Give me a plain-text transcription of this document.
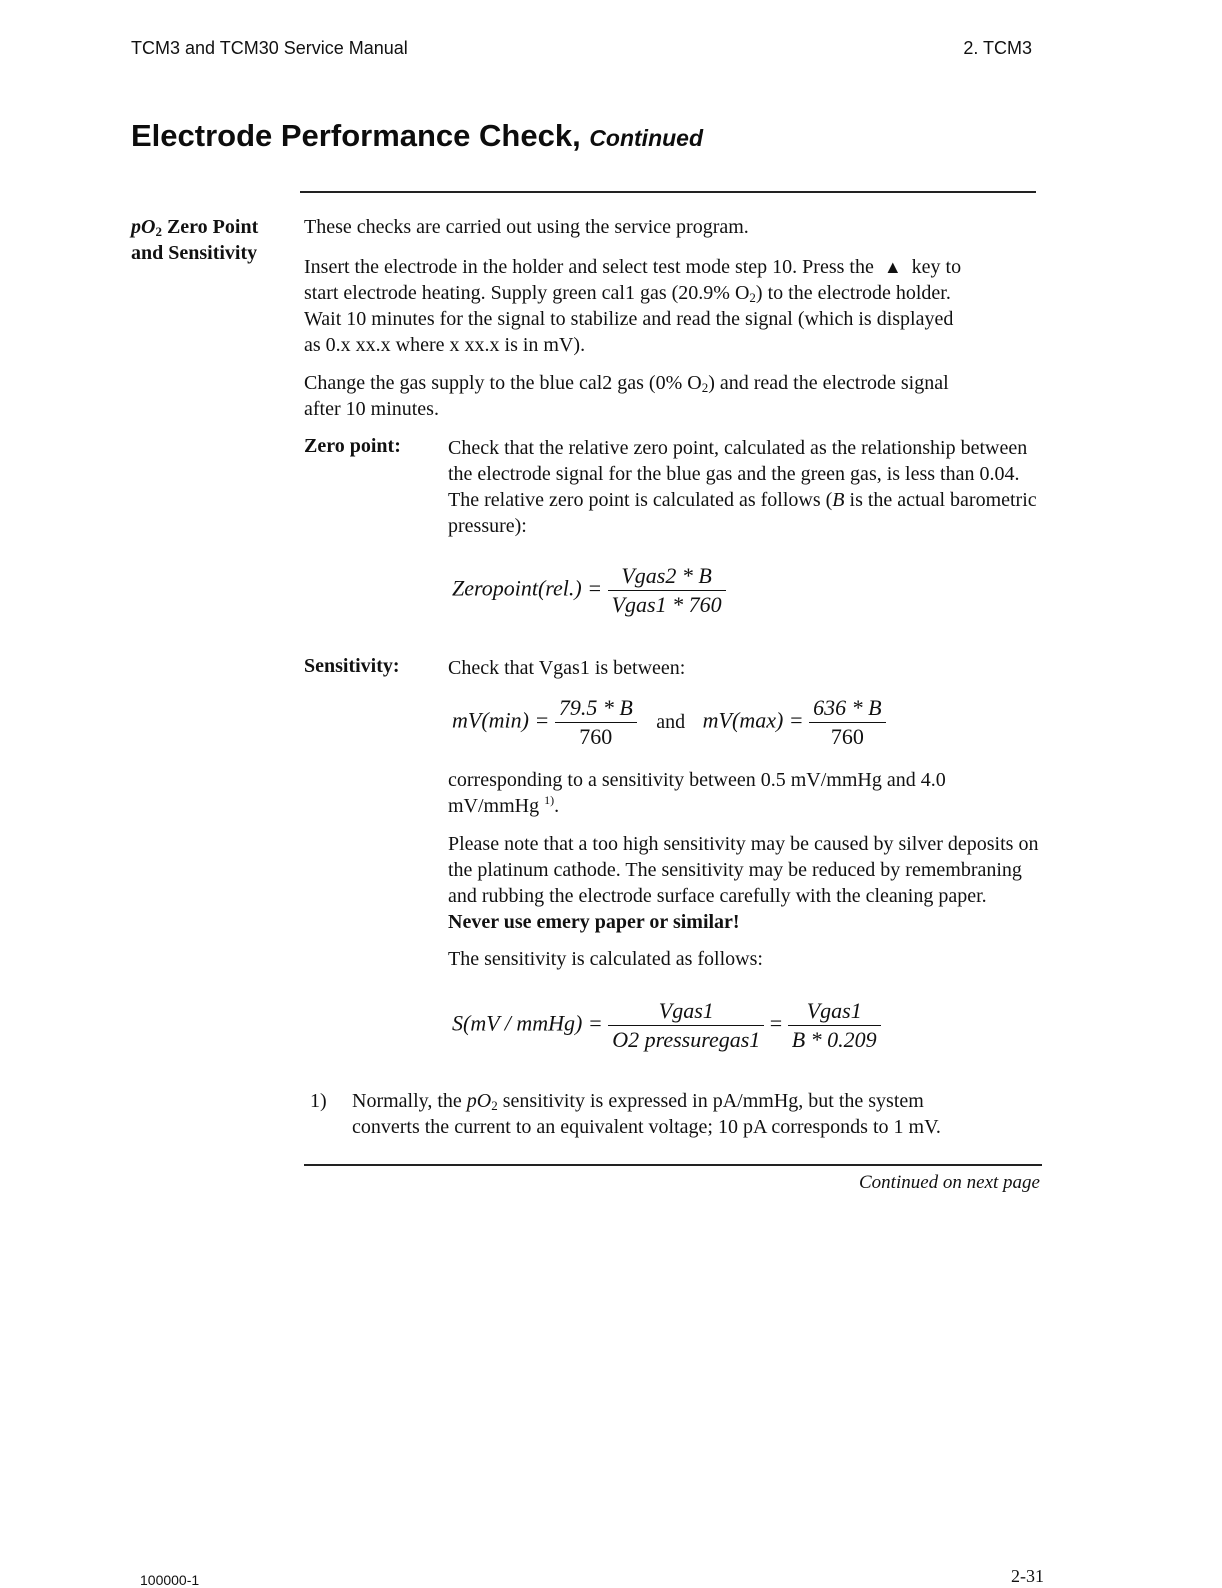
TCM3 and TCM30 Service Manual	2. TCM3
Electrode Performance Check, Continued
$pO_2$ Zero Point
and Sensitivity

These checks are carried out using the service program.

Insert the electrode in the holder and select test mode step 10. Press the ▲ key to
start electrode heating. Supply green cal1 gas (20.9% $O_2$) to the electrode holder.
Wait 10 minutes for the signal to stabilize and read the signal (which is displayed
as 0.x xx.x where x xx.x is in mV).
Change the gas supply to the blue cal2 gas (0% $O_2$) and read the electrode signal
after 10 minutes.
Zero point: Check that the relative zero point, calculated as the relationship between the electrode signal for the blue gas and the green gas, is less than 0.04. The relative zero point is calculated as follows (B is the actual barometric pressure):
Zeropoint(rel.) = $\frac{\text{Vgas2 * B}}{\text{Vgas1 * 760}}$
Sensitivity: Check that Vgas1 is between:
$mV(\min) = \frac{79.5 * B}{760}$ and $mV(\max) = \frac{636 * B}{760}$
corresponding to a sensitivity between 0.5 mV/mmHg and 4.0
mV/mmHg $^{1)}$.
Please note that a too high sensitivity may be caused by silver deposits on the platinum cathode. The sensitivity may be reduced by remembraning and rubbing the electrode surface carefully with the cleaning paper. Never use emery paper or similar!
The sensitivity is calculated as follows:
S(mV / mmHg) = $\frac{\text{Vgas1}}{\text{O2 pressuregas1}} = \frac{\text{Vgas1}}{B * 0.209}$
1) Normally, the $pO_2$ sensitivity is expressed in pA/mmHg, but the system
converts the current to an equivalent voltage; 10 pA corresponds to 1 mV.
Continued on next page
100000-1	2-31
